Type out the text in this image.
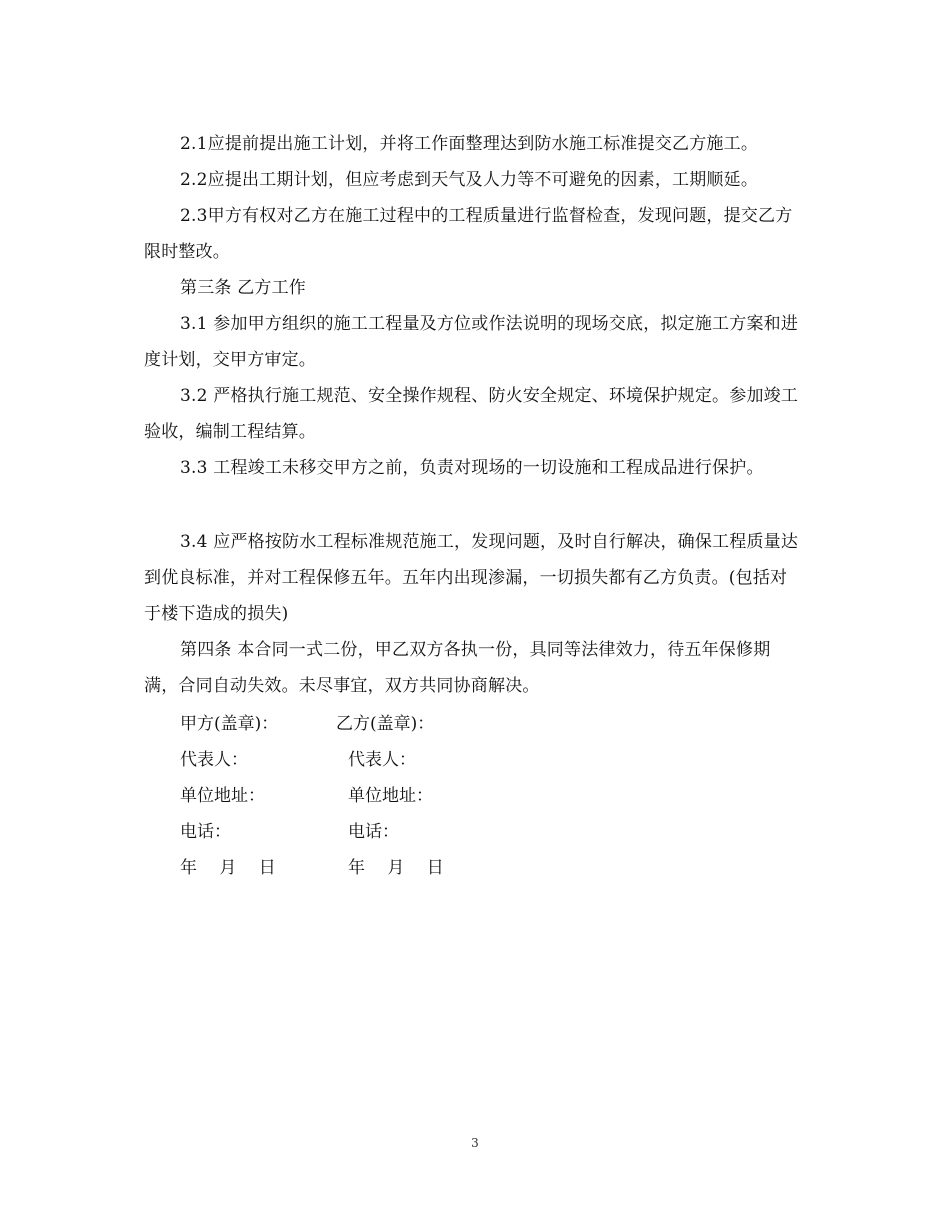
2.1应提前提出施工计划，并将工作面整理达到防水施工标准提交乙方施工。

2.2应提出工期计划，但应考虑到天气及人力等不可避免的因素，工期顺延。

2.3甲方有权对乙方在施工过程中的工程质量进行监督检查，发现问题，提交乙方限时整改。

第三条 乙方工作

3.1 参加甲方组织的施工工程量及方位或作法说明的现场交底，拟定施工方案和进度计划，交甲方审定。

3.2 严格执行施工规范、安全操作规程、防火安全规定、环境保护规定。参加竣工验收，编制工程结算。

3.3 工程竣工未移交甲方之前，负责对现场的一切设施和工程成品进行保护。

3.4 应严格按防水工程标准规范施工，发现问题，及时自行解决，确保工程质量达到优良标准，并对工程保修五年。五年内出现渗漏，一切损失都有乙方负责。(包括对于楼下造成的损失)

第四条 本合同一式二份，甲乙双方各执一份，具同等法律效力，待五年保修期满，合同自动失效。未尽事宜，双方共同协商解决。

甲方(盖章)：	乙方(盖章)：
代表人：	代表人：
单位地址：	单位地址：
电话：	电话：
年　 月　 日	年　 月　 日
3
